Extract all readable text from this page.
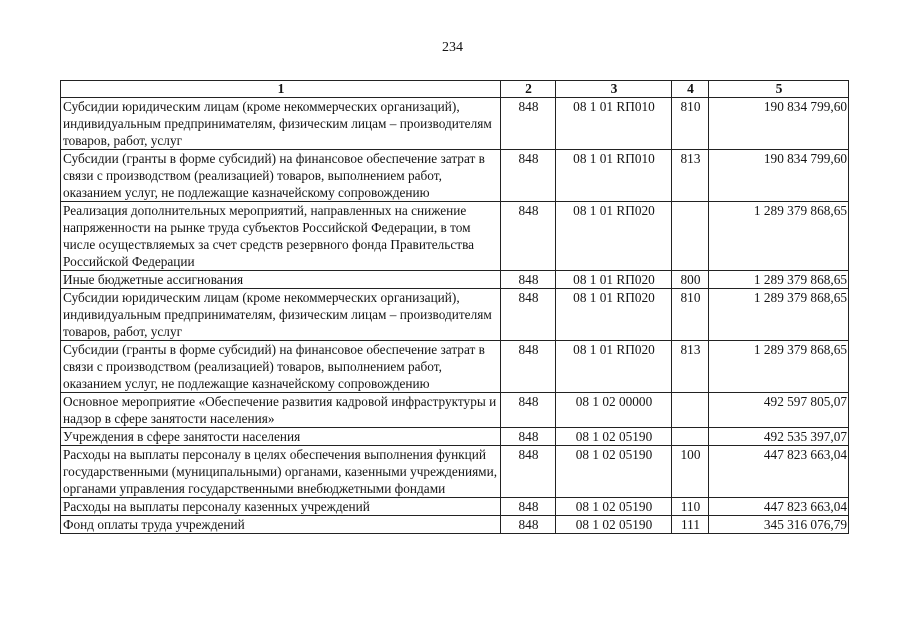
234
1	2	3	4	5
Субсидии юридическим лицам (кроме некоммерческих организаций), индивидуальным предпринимателям, физическим лицам – производителям товаров, работ, услуг	848	08 1 01 RП010	810	190 834 799,60
Субсидии (гранты в форме субсидий) на финансовое обеспечение затрат в связи с производством (реализацией) товаров, выполнением работ, оказанием услуг, не подлежащие казначейскому сопровождению	848	08 1 01 RП010	813	190 834 799,60
Реализация дополнительных мероприятий, направленных на снижение напряженности на рынке труда субъектов Российской Федерации, в том числе осуществляемых за счет средств резервного фонда Правительства Российской Федерации	848	08 1 01 RП020		1 289 379 868,65
Иные бюджетные ассигнования	848	08 1 01 RП020	800	1 289 379 868,65
Субсидии юридическим лицам (кроме некоммерческих организаций), индивидуальным предпринимателям, физическим лицам – производителям товаров, работ, услуг	848	08 1 01 RП020	810	1 289 379 868,65
Субсидии (гранты в форме субсидий) на финансовое обеспечение затрат в связи с производством (реализацией) товаров, выполнением работ, оказанием услуг, не подлежащие казначейскому сопровождению	848	08 1 01 RП020	813	1 289 379 868,65
Основное мероприятие «Обеспечение развития кадровой инфраструктуры и надзор в сфере занятости населения»	848	08 1 02 00000		492 597 805,07
Учреждения в сфере занятости населения	848	08 1 02 05190		492 535 397,07
Расходы на выплаты персоналу в целях обеспечения выполнения функций государственными (муниципальными) органами, казенными учреждениями, органами управления государственными внебюджетными фондами	848	08 1 02 05190	100	447 823 663,04
Расходы на выплаты персоналу казенных учреждений	848	08 1 02 05190	110	447 823 663,04
Фонд оплаты труда учреждений	848	08 1 02 05190	111	345 316 076,79
